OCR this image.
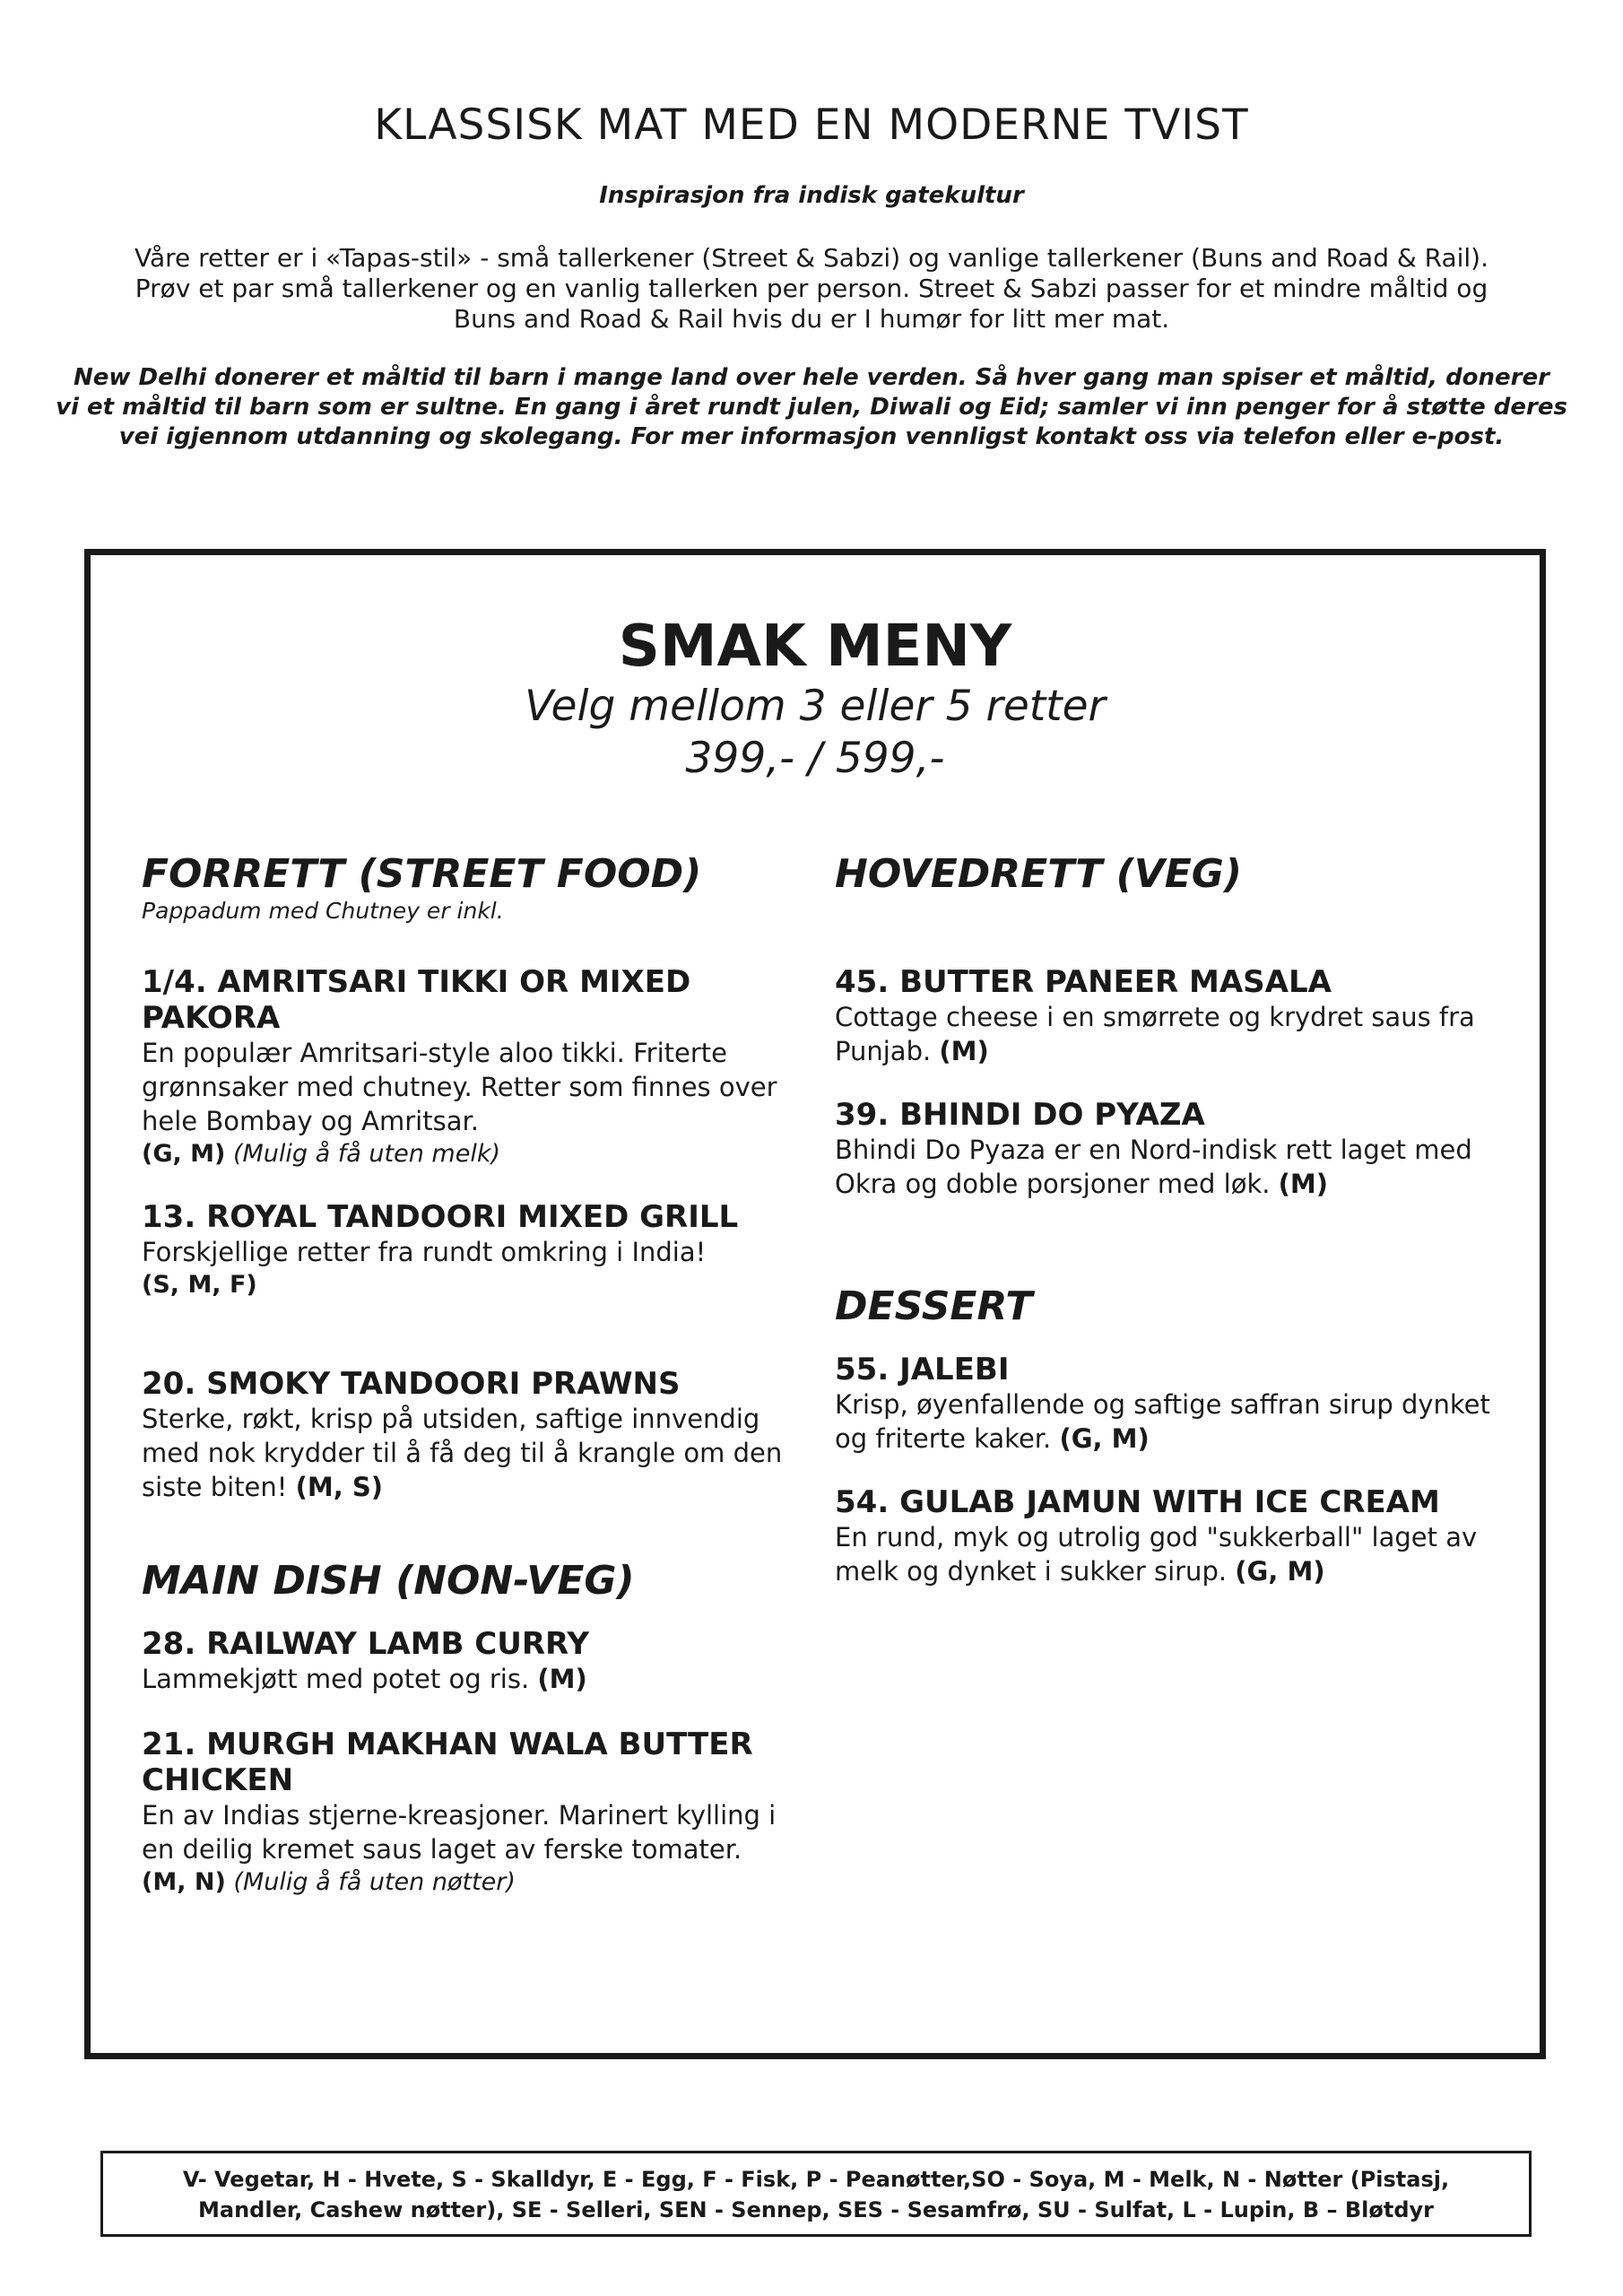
KLASSISK MAT MED EN MODERNE TVIST
Inspirasjon fra indisk gatekultur
Våre retter er i «Tapas-stil» - små tallerkener (Street & Sabzi) og vanlige tallerkener (Buns and Road & Rail).
Prøv et par små tallerkener og en vanlig tallerken per person. Street & Sabzi passer for et mindre måltid og
Buns and Road & Rail hvis du er I humør for litt mer mat.
New Delhi donerer et måltid til barn i mange land over hele verden. Så hver gang man spiser et måltid, donerer
vi et måltid til barn som er sultne. En gang i året rundt julen, Diwali og Eid; samler vi inn penger for å støtte deres
vei igjennom utdanning og skolegang. For mer informasjon vennligst kontakt oss via telefon eller e-post.
SMAK MENY
Velg mellom 3 eller 5 retter
399,- / 599,-
FORRETT (STREET FOOD)
Pappadum med Chutney er inkl.
1/4. AMRITSARI TIKKI OR MIXED PAKORA
En populær Amritsari-style aloo tikki. Friterte grønnsaker med chutney. Retter som finnes over hele Bombay og Amritsar.
(G, M) (Mulig å få uten melk)
13. ROYAL TANDOORI MIXED GRILL
Forskjellige retter fra rundt omkring i India!
(S, M, F)
20. SMOKY TANDOORI PRAWNS
Sterke, røkt, krisp på utsiden, saftige innvendig med nok krydder til å få deg til å krangle om den siste biten! (M, S)
MAIN DISH (NON-VEG)
28. RAILWAY LAMB CURRY
Lammekjøtt med potet og ris. (M)
21. MURGH MAKHAN WALA BUTTER CHICKEN
En av Indias stjerne-kreasjoner. Marinert kylling i en deilig kremet saus laget av ferske tomater.
(M, N) (Mulig å få uten nøtter)
HOVEDRETT (VEG)
45. BUTTER PANEER MASALA
Cottage cheese i en smørrete og krydret saus fra Punjab. (M)
39. BHINDI DO PYAZA
Bhindi Do Pyaza er en Nord-indisk rett laget med Okra og doble porsjoner med løk. (M)
DESSERT
55. JALEBI
Krisp, øyenfallende og saftige saffran sirup dynket og friterte kaker. (G, M)
54. GULAB JAMUN WITH ICE CREAM
En rund, myk og utrolig god "sukkerball" laget av melk og dynket i sukker sirup. (G, M)
V- Vegetar, H - Hvete, S - Skalldyr, E - Egg, F - Fisk, P - Peanøtter,SO - Soya, M - Melk, N - Nøtter (Pistasj,
Mandler, Cashew nøtter), SE - Selleri, SEN - Sennep, SES - Sesamfrø, SU - Sulfat, L - Lupin, B – Bløtdyr
